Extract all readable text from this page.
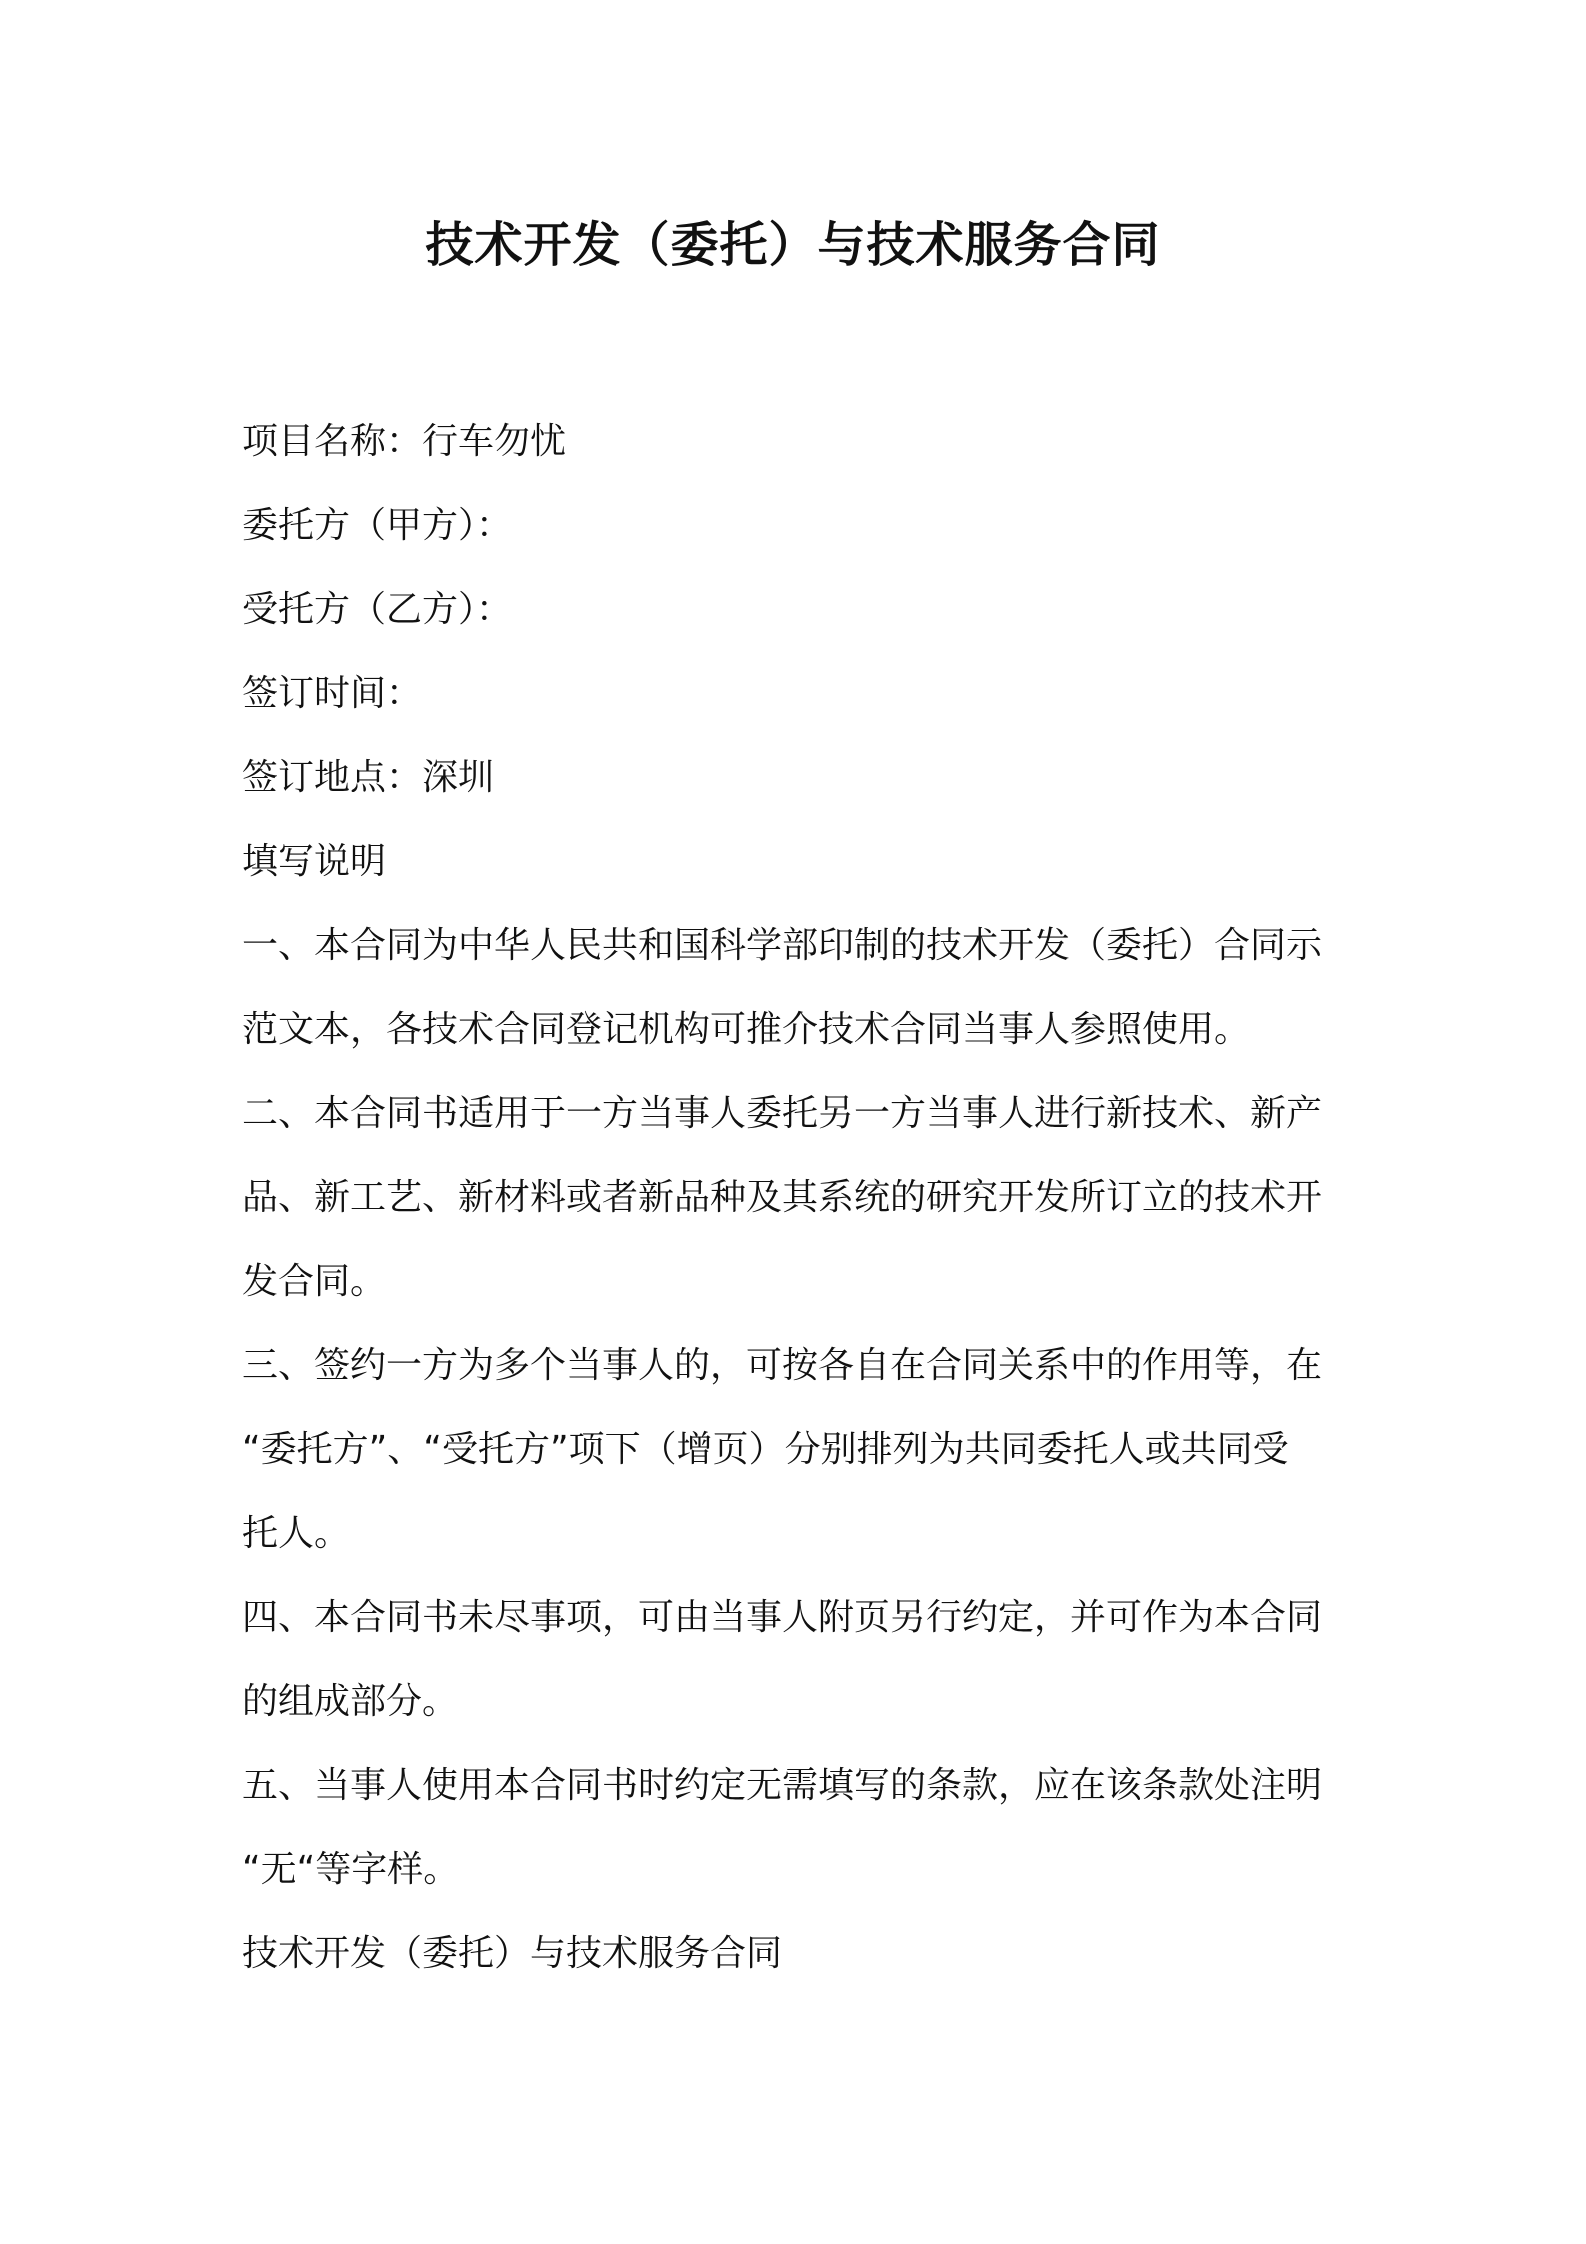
技术开发（委托）与技术服务合同

项目名称：行车勿忧

委托方（甲方）：

受托方（乙方）：

签订时间：

签订地点：深圳

填写说明

一、本合同为中华人民共和国科学部印制的技术开发（委托）合同示

范文本，各技术合同登记机构可推介技术合同当事人参照使用。

二、本合同书适用于一方当事人委托另一方当事人进行新技术、新产

品、新工艺、新材料或者新品种及其系统的研究开发所订立的技术开

发合同。

三、签约一方为多个当事人的，可按各自在合同关系中的作用等，在

“委托方”、“受托方”项下（增页）分别排列为共同委托人或共同受

托人。

四、本合同书未尽事项，可由当事人附页另行约定，并可作为本合同

的组成部分。

五、当事人使用本合同书时约定无需填写的条款，应在该条款处注明

“无“等字样。

技术开发（委托）与技术服务合同
